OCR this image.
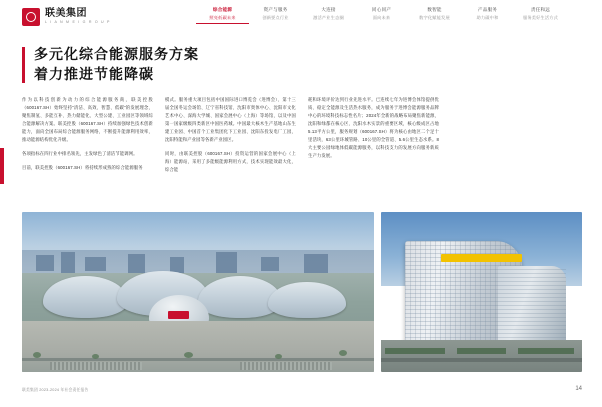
联美集团
L I A N M E I G R O U P
综合能源
照亮低碳未来
资产与服务
创新要点行业
大连接
激活产业生态圈
同心同产
面向未来
数智能
数字化赋能发展
产品服务
助力碳中和
责任和远
服务美好生活方式
多元化综合能源服务方案
着力推进节能降碳

作为以科技创新为动力的综合能源服务商，联美控股（600167.SH）始终坚持“清洁、高效、智慧、低碳”的发展理念，聚焦制氢、多能互补、热力储能化、大型公建、工业园区等领域综合能源解决方案。联美控股（600167.SH）持续加强绿色技术创新能力，面向全国布局综合能源服务网络，不断提升能源利用效率，推动能源结构优化升级。

各项指标在四行业中排名领先，主发绿色了清洁节能调网。

目前，联美控股（600167.SH）将持续形成熟的综合能源服务

模式。服务重大项目包括中国国际进口博览会（进博会）、第十三届全国冬运会场馆、辽宁省科技馆、沈阳市奥体中心、沈阳市文化艺术中心、深海大学城、国家会展中心（上海）等场馆，以及中国第一国家级级四类新区中国医药城。中国最大核木生产基地山东生建工业园、中国首个工业集团化下工业园、沈阳东投发电厂工园，沈阳特能和产业园等各新产业园区。

同时，由联美控股（600167.SH）投资运营的国家会展中心（上海）能源站，采用了多能级能源利用方式，技术实现能效最大化，综合能

耗和环境评价达到行业先进水平。已连续七年为进博会体馆提供优质、稳定全能源及生活热水服务，成为服务于进博会能源服务品牌中心的环境科技标志性名片；2024年全新的战略布局聚焦新能源，沈阳和绿都在核心区、沈阳水木实景的重要区域，核心级成区占地5.13平方公里，服务规划（600167.SH）将为核心由地区二个足十里活块，63公里环城管路、10公里的全管道、5.6公里生态水系。8大主要公园绿地体低碳能源服务，以科技支力的发展方向服务新质生产力发展。

联美集团 2023-2024 年社会责任报告	14
